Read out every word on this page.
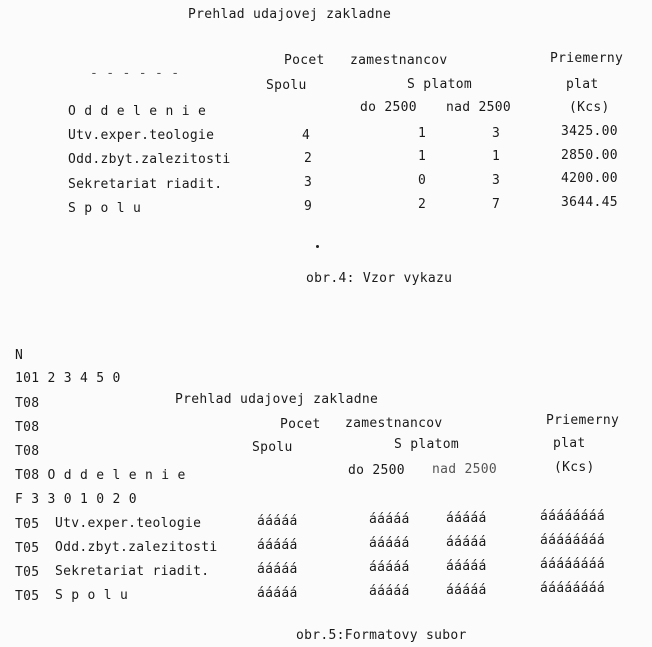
Prehlad udajovej zakladne
Pocet zamestnancov	Priemerny
- - - - - -
Spolu	S platom	plat
O d d e l e n i e	do 2500 nad 2500	(Kcs)
Utv.exper.teologie	4	1	3	3425.00
Odd.zbyt.zalezitosti	2	1	1	2850.00
Sekretariat riadit.	3	0	3	4200.00
S p o l u	9	2	7	3644.45
obr.4: Vzor vykazu
N
101 2 3 4 5 0
T08	Prehlad udajovej zakladne
T08	Pocet zamestnancov	Priemerny
T08	Spolu	S platom	plat
T08 O d d e l e n i e	do 2500 nad 2500	(Kcs)
F 3 3 0 1 0 2 0
T05 Utv.exper.teologie	ááááá	ááááá	ááááá	áááááááá
T05 Odd.zbyt.zalezitosti	ááááá	ááááá	ááááá	áááááááá
T05 Sekretariat riadit.	ááááá	ááááá	ááááá	áááááááá
T05 S p o l u	ááááá	ááááá	ááááá	áááááááá
obr.5:Formatovy subor
